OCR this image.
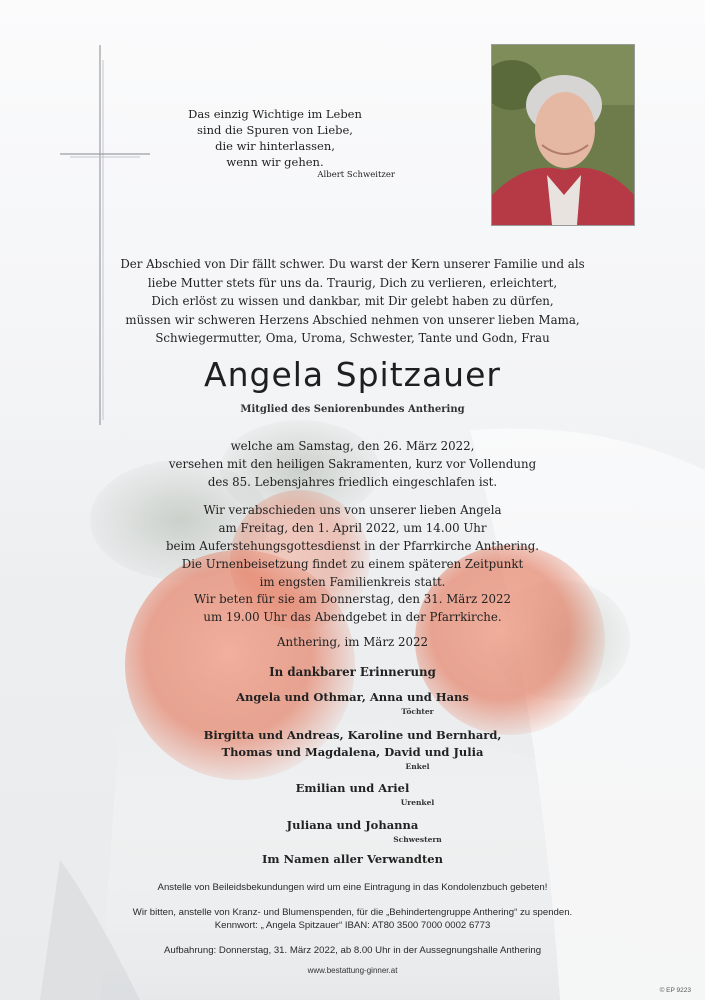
Das einzig Wichtige im Leben
sind die Spuren von Liebe,
die wir hinterlassen,
wenn wir gehen.
Albert Schweitzer
Der Abschied von Dir fällt schwer. Du warst der Kern unserer Familie und als
liebe Mutter stets für uns da. Traurig, Dich zu verlieren, erleichtert,
Dich erlöst zu wissen und dankbar, mit Dir gelebt haben zu dürfen,
müssen wir schweren Herzens Abschied nehmen von unserer lieben Mama,
Schwiegermutter, Oma, Uroma, Schwester, Tante und Godn, Frau
Angela Spitzauer
Mitglied des Seniorenbundes Anthering
welche am Samstag, den 26. März 2022,
versehen mit den heiligen Sakramenten, kurz vor Vollendung
des 85. Lebensjahres friedlich eingeschlafen ist.
Wir verabschieden uns von unserer lieben Angela
am Freitag, den 1. April 2022, um 14.00 Uhr
beim Auferstehungsgottesdienst in der Pfarrkirche Anthering.
Die Urnenbeisetzung findet zu einem späteren Zeitpunkt
im engsten Familienkreis statt.
Wir beten für sie am Donnerstag, den 31. März 2022
um 19.00 Uhr das Abendgebet in der Pfarrkirche.
Anthering, im März 2022
In dankbarer Erinnerung
Angela und Othmar, Anna und Hans
Töchter
Birgitta und Andreas, Karoline und Bernhard,
Thomas und Magdalena, David und Julia
Enkel
Emilian und Ariel
Urenkel
Juliana und Johanna
Schwestern
Im Namen aller Verwandten
Anstelle von Beileidsbekundungen wird um eine Eintragung in das Kondolenzbuch gebeten!
Wir bitten, anstelle von Kranz- und Blumenspenden, für die „Behindertengruppe Anthering“ zu spenden.
Kennwort: „ Angela Spitzauer“ IBAN: AT80 3500 7000 0002 6773
Aufbahrung: Donnerstag, 31. März 2022, ab 8.00 Uhr in der Aussegnungshalle Anthering
www.bestattung-ginner.at
© EP 9223
